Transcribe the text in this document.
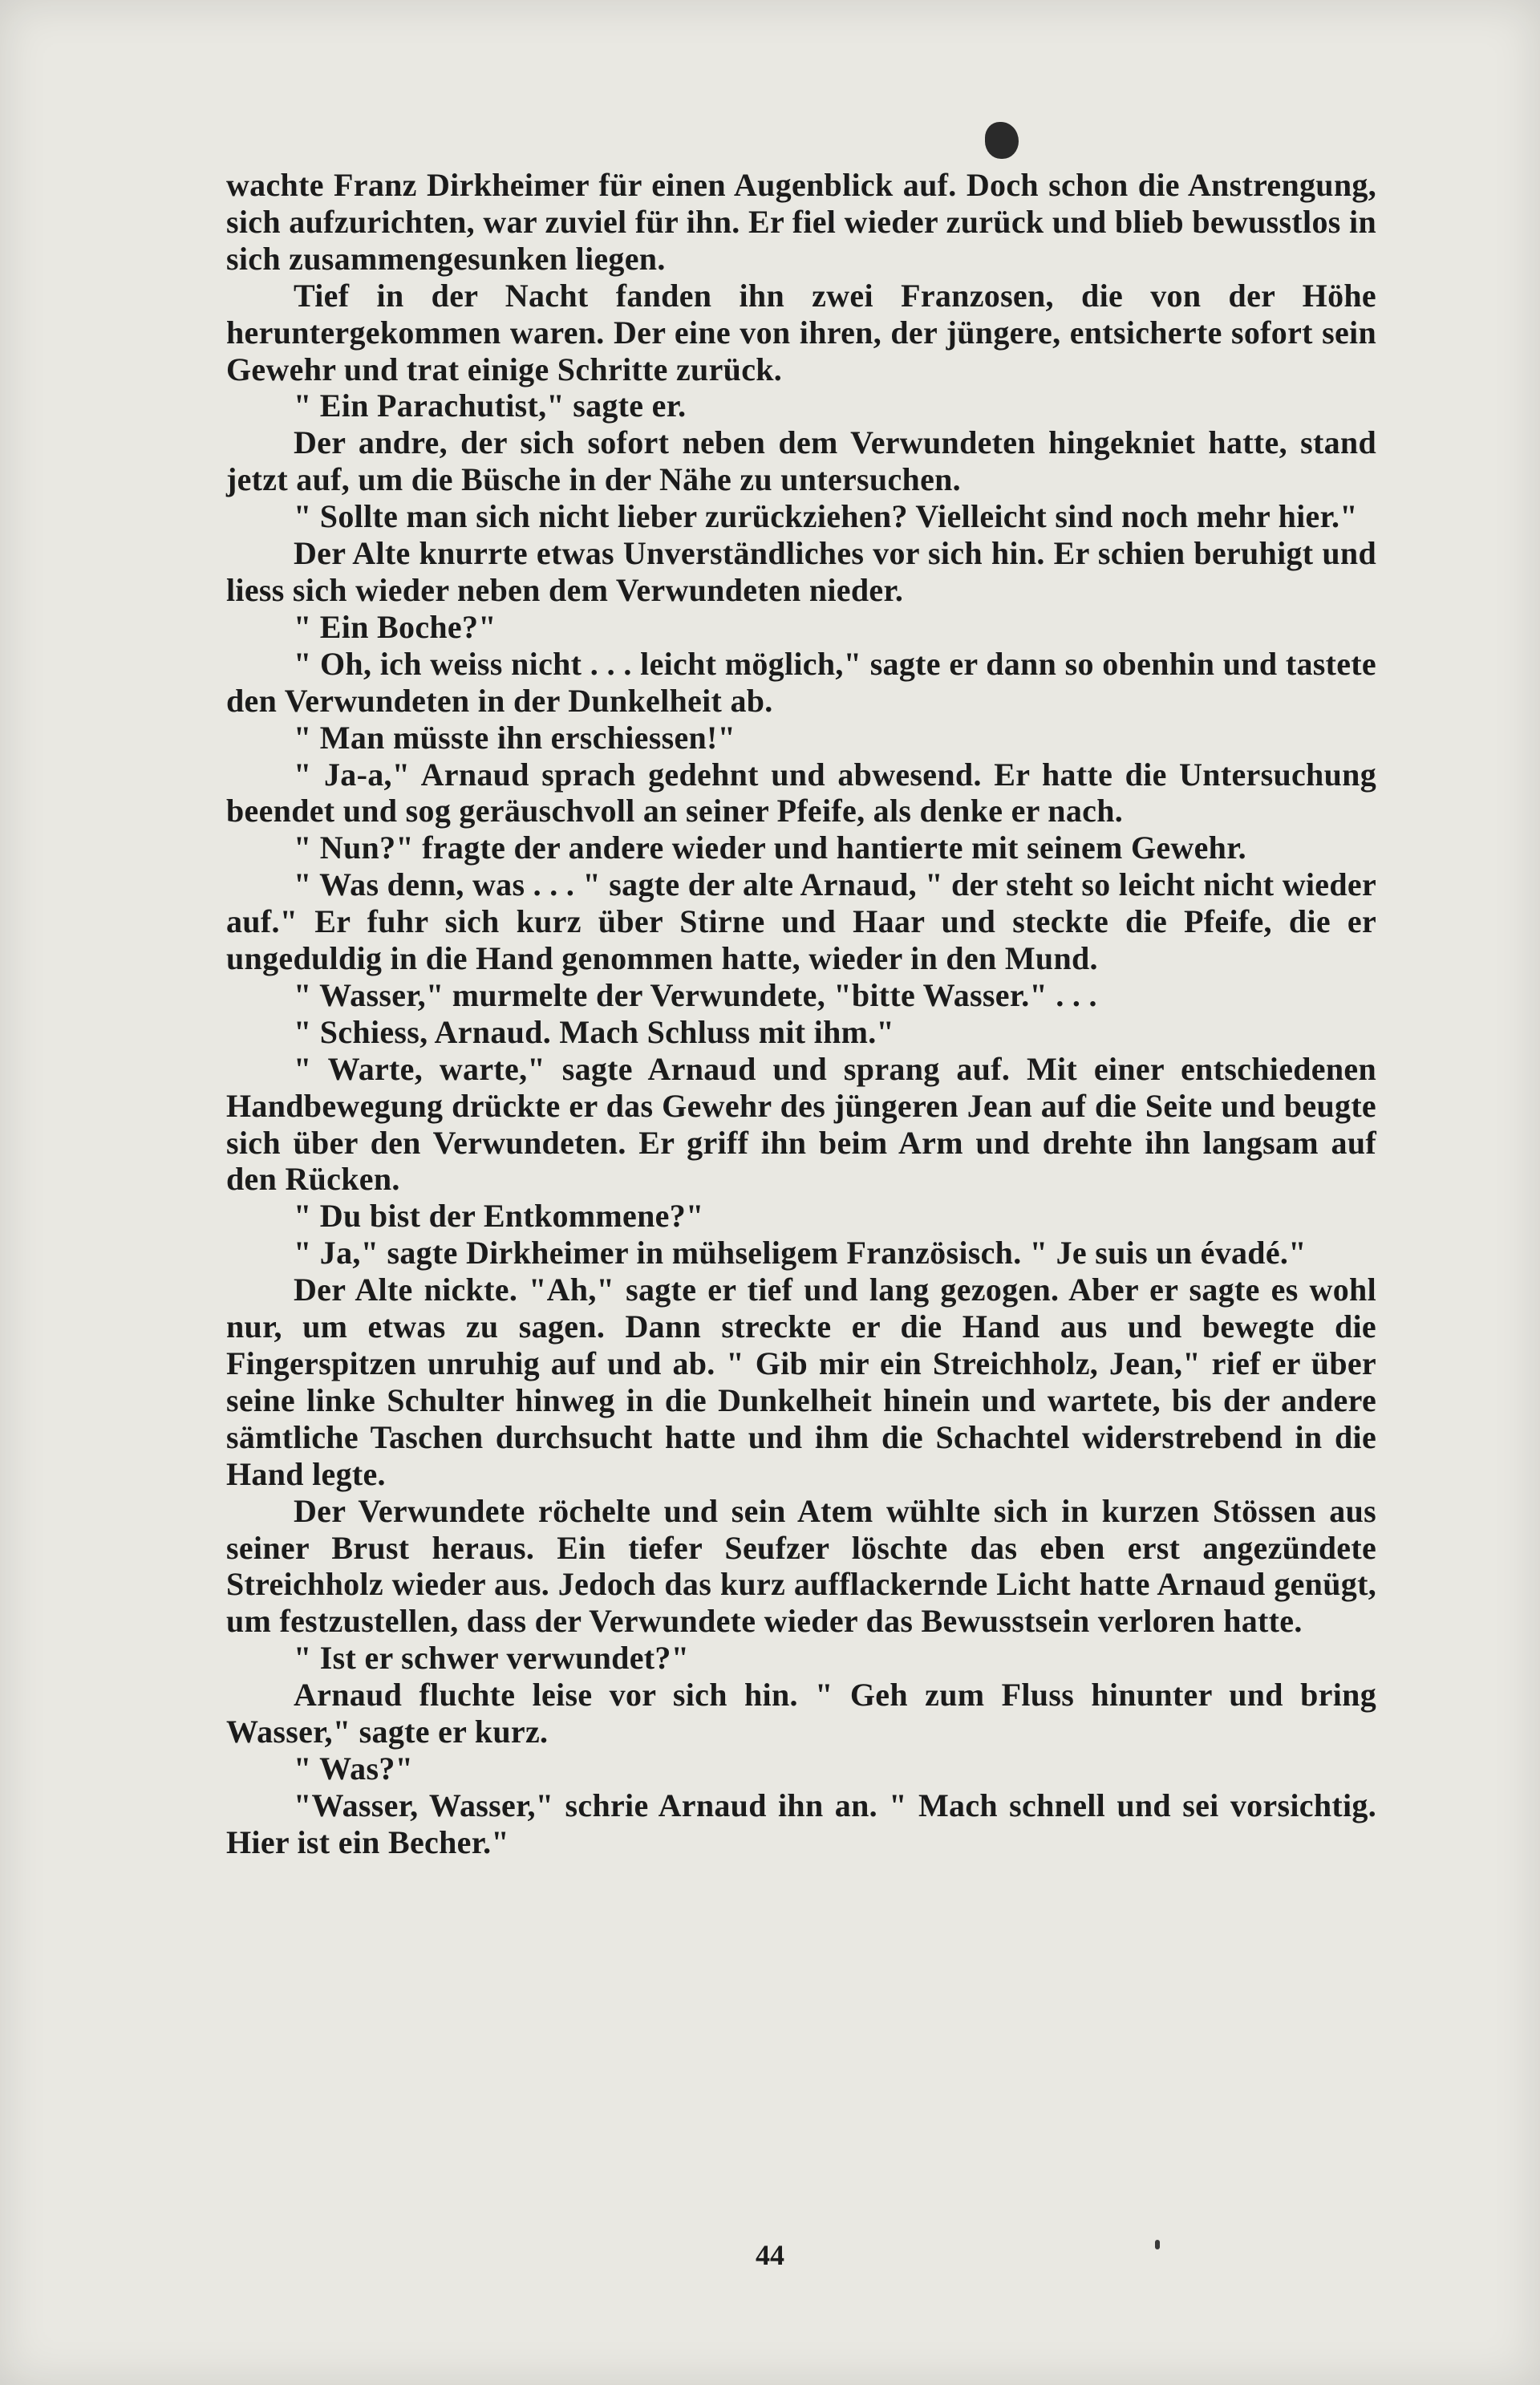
wachte Franz Dirkheimer für einen Augenblick auf. Doch schon die Anstrengung, sich aufzurichten, war zuviel für ihn. Er fiel wieder zurück und blieb bewusstlos in sich zusammengesunken liegen.

Tief in der Nacht fanden ihn zwei Franzosen, die von der Höhe heruntergekommen waren. Der eine von ihren, der jüngere, entsicherte sofort sein Gewehr und trat einige Schritte zurück.

" Ein Parachutist," sagte er.

Der andre, der sich sofort neben dem Verwundeten hingekniet hatte, stand jetzt auf, um die Büsche in der Nähe zu untersuchen.

" Sollte man sich nicht lieber zurückziehen? Vielleicht sind noch mehr hier."

Der Alte knurrte etwas Unverständliches vor sich hin. Er schien beruhigt und liess sich wieder neben dem Verwundeten nieder.

" Ein Boche?"

" Oh, ich weiss nicht . . . leicht möglich," sagte er dann so obenhin und tastete den Verwundeten in der Dunkelheit ab.

" Man müsste ihn erschiessen!"

" Ja-a," Arnaud sprach gedehnt und abwesend. Er hatte die Untersuchung beendet und sog geräuschvoll an seiner Pfeife, als denke er nach.

" Nun?" fragte der andere wieder und hantierte mit seinem Gewehr.

" Was denn, was . . . " sagte der alte Arnaud, " der steht so leicht nicht wieder auf." Er fuhr sich kurz über Stirne und Haar und steckte die Pfeife, die er ungeduldig in die Hand genommen hatte, wieder in den Mund.

" Wasser," murmelte der Verwundete, "bitte Wasser." . . .

" Schiess, Arnaud. Mach Schluss mit ihm."

" Warte, warte," sagte Arnaud und sprang auf. Mit einer entschiedenen Handbewegung drückte er das Gewehr des jüngeren Jean auf die Seite und beugte sich über den Verwundeten. Er griff ihn beim Arm und drehte ihn langsam auf den Rücken.

" Du bist der Entkommene?"

" Ja," sagte Dirkheimer in mühseligem Französisch. " Je suis un évadé."

Der Alte nickte. "Ah," sagte er tief und lang gezogen. Aber er sagte es wohl nur, um etwas zu sagen. Dann streckte er die Hand aus und bewegte die Fingerspitzen unruhig auf und ab. " Gib mir ein Streichholz, Jean," rief er über seine linke Schulter hinweg in die Dunkelheit hinein und wartete, bis der andere sämtliche Taschen durchsucht hatte und ihm die Schachtel widerstrebend in die Hand legte.

Der Verwundete röchelte und sein Atem wühlte sich in kurzen Stössen aus seiner Brust heraus. Ein tiefer Seufzer löschte das eben erst angezündete Streichholz wieder aus. Jedoch das kurz aufflackernde Licht hatte Arnaud genügt, um festzustellen, dass der Verwundete wieder das Bewusstsein verloren hatte.

" Ist er schwer verwundet?"

Arnaud fluchte leise vor sich hin. " Geh zum Fluss hinunter und bring Wasser," sagte er kurz.

" Was?"

"Wasser, Wasser," schrie Arnaud ihn an. " Mach schnell und sei vorsichtig. Hier ist ein Becher."

44
